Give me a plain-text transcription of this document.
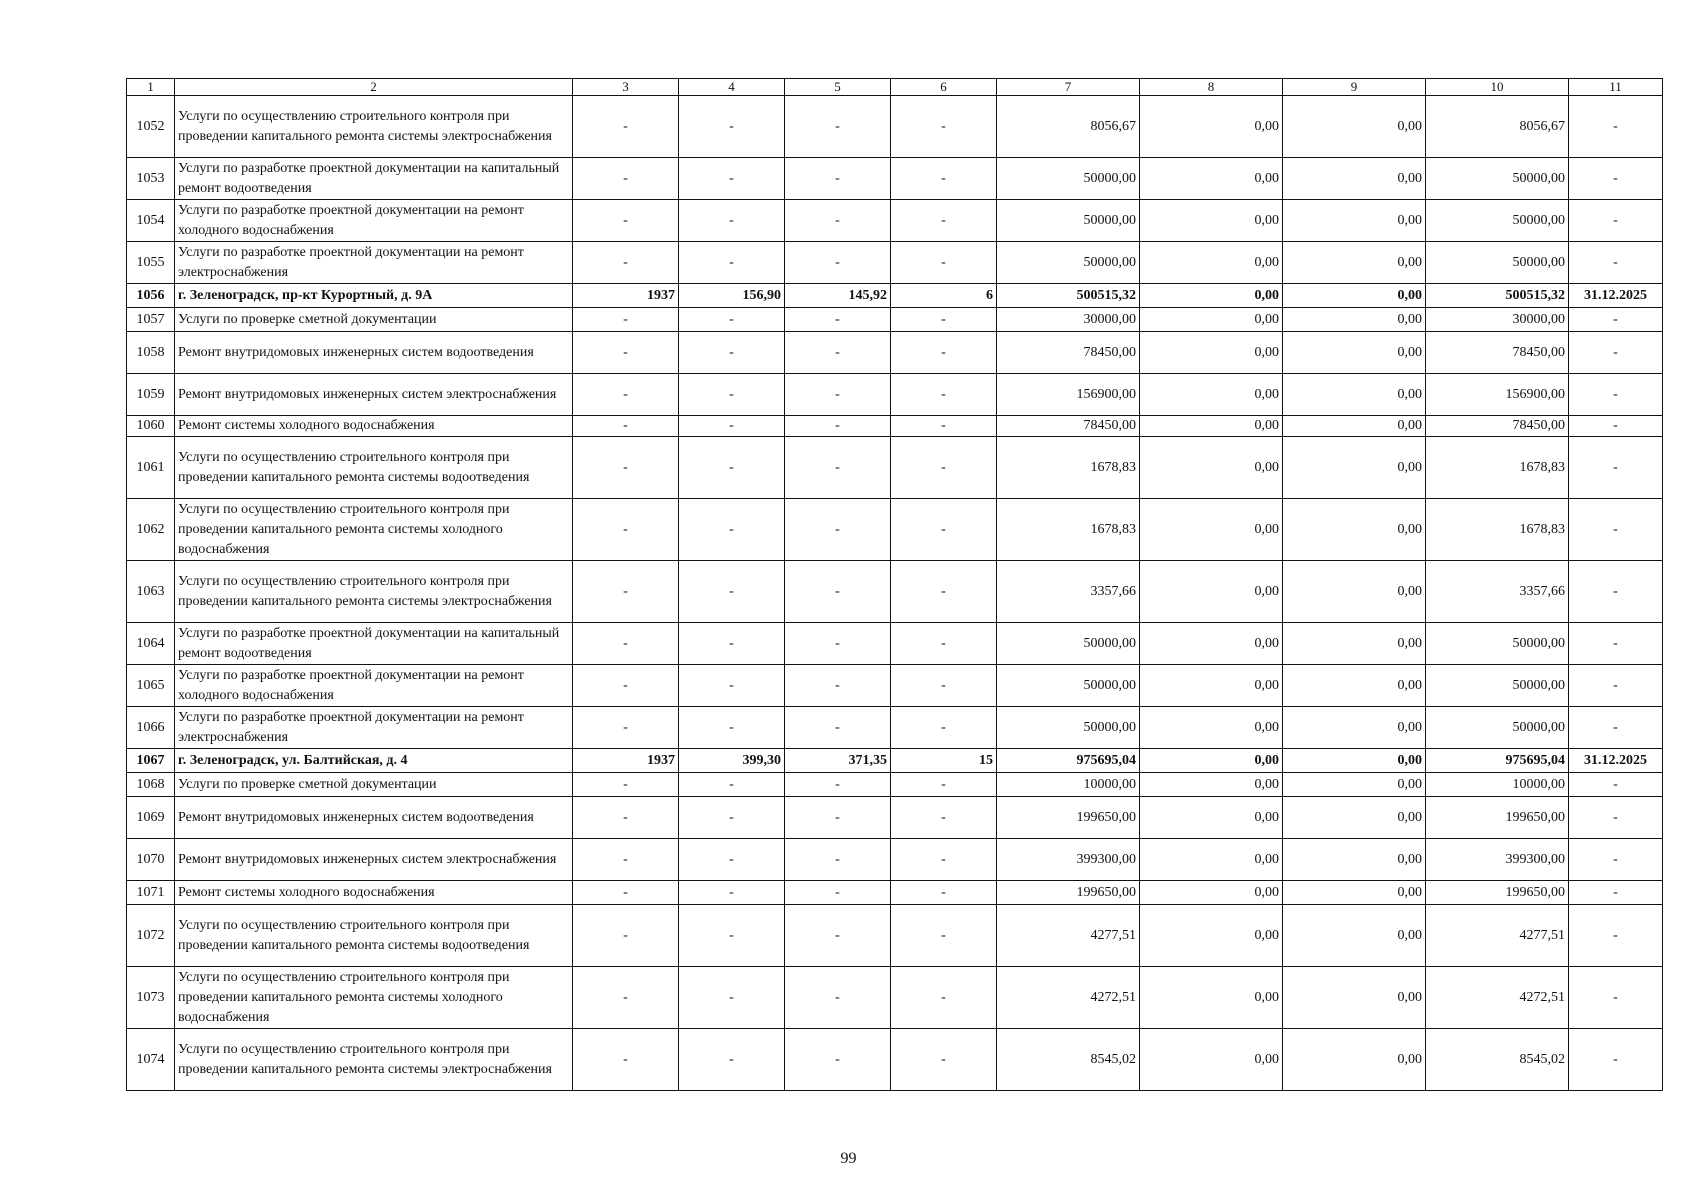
1	2	3	4	5	6	7	8	9	10	11
1052	Услуги по осуществлению строительного контроля при проведении капитального ремонта системы электроснабжения	-	-	-	-	8056,67	0,00	0,00	8056,67	-
1053	Услуги по разработке проектной документации на капитальный ремонт водоотведения	-	-	-	-	50000,00	0,00	0,00	50000,00	-
1054	Услуги по разработке проектной документации на ремонт холодного водоснабжения	-	-	-	-	50000,00	0,00	0,00	50000,00	-
1055	Услуги по разработке проектной документации на ремонт электроснабжения	-	-	-	-	50000,00	0,00	0,00	50000,00	-
1056	г. Зеленоградск, пр-кт Курортный, д. 9А	1937	156,90	145,92	6	500515,32	0,00	0,00	500515,32	31.12.2025
1057	Услуги по проверке сметной документации	-	-	-	-	30000,00	0,00	0,00	30000,00	-
1058	Ремонт внутридомовых инженерных систем водоотведения	-	-	-	-	78450,00	0,00	0,00	78450,00	-
1059	Ремонт внутридомовых инженерных систем электроснабжения	-	-	-	-	156900,00	0,00	0,00	156900,00	-
1060	Ремонт системы холодного водоснабжения	-	-	-	-	78450,00	0,00	0,00	78450,00	-
1061	Услуги по осуществлению строительного контроля при проведении капитального ремонта системы водоотведения	-	-	-	-	1678,83	0,00	0,00	1678,83	-
1062	Услуги по осуществлению строительного контроля при проведении капитального ремонта системы холодного водоснабжения	-	-	-	-	1678,83	0,00	0,00	1678,83	-
1063	Услуги по осуществлению строительного контроля при проведении капитального ремонта системы электроснабжения	-	-	-	-	3357,66	0,00	0,00	3357,66	-
1064	Услуги по разработке проектной документации на капитальный ремонт водоотведения	-	-	-	-	50000,00	0,00	0,00	50000,00	-
1065	Услуги по разработке проектной документации на ремонт холодного водоснабжения	-	-	-	-	50000,00	0,00	0,00	50000,00	-
1066	Услуги по разработке проектной документации на ремонт электроснабжения	-	-	-	-	50000,00	0,00	0,00	50000,00	-
1067	г. Зеленоградск, ул. Балтийская, д. 4	1937	399,30	371,35	15	975695,04	0,00	0,00	975695,04	31.12.2025
1068	Услуги по проверке сметной документации	-	-	-	-	10000,00	0,00	0,00	10000,00	-
1069	Ремонт внутридомовых инженерных систем водоотведения	-	-	-	-	199650,00	0,00	0,00	199650,00	-
1070	Ремонт внутридомовых инженерных систем электроснабжения	-	-	-	-	399300,00	0,00	0,00	399300,00	-
1071	Ремонт системы холодного водоснабжения	-	-	-	-	199650,00	0,00	0,00	199650,00	-
1072	Услуги по осуществлению строительного контроля при проведении капитального ремонта системы водоотведения	-	-	-	-	4277,51	0,00	0,00	4277,51	-
1073	Услуги по осуществлению строительного контроля при проведении капитального ремонта системы холодного водоснабжения	-	-	-	-	4272,51	0,00	0,00	4272,51	-
1074	Услуги по осуществлению строительного контроля при проведении капитального ремонта системы электроснабжения	-	-	-	-	8545,02	0,00	0,00	8545,02	-
99
